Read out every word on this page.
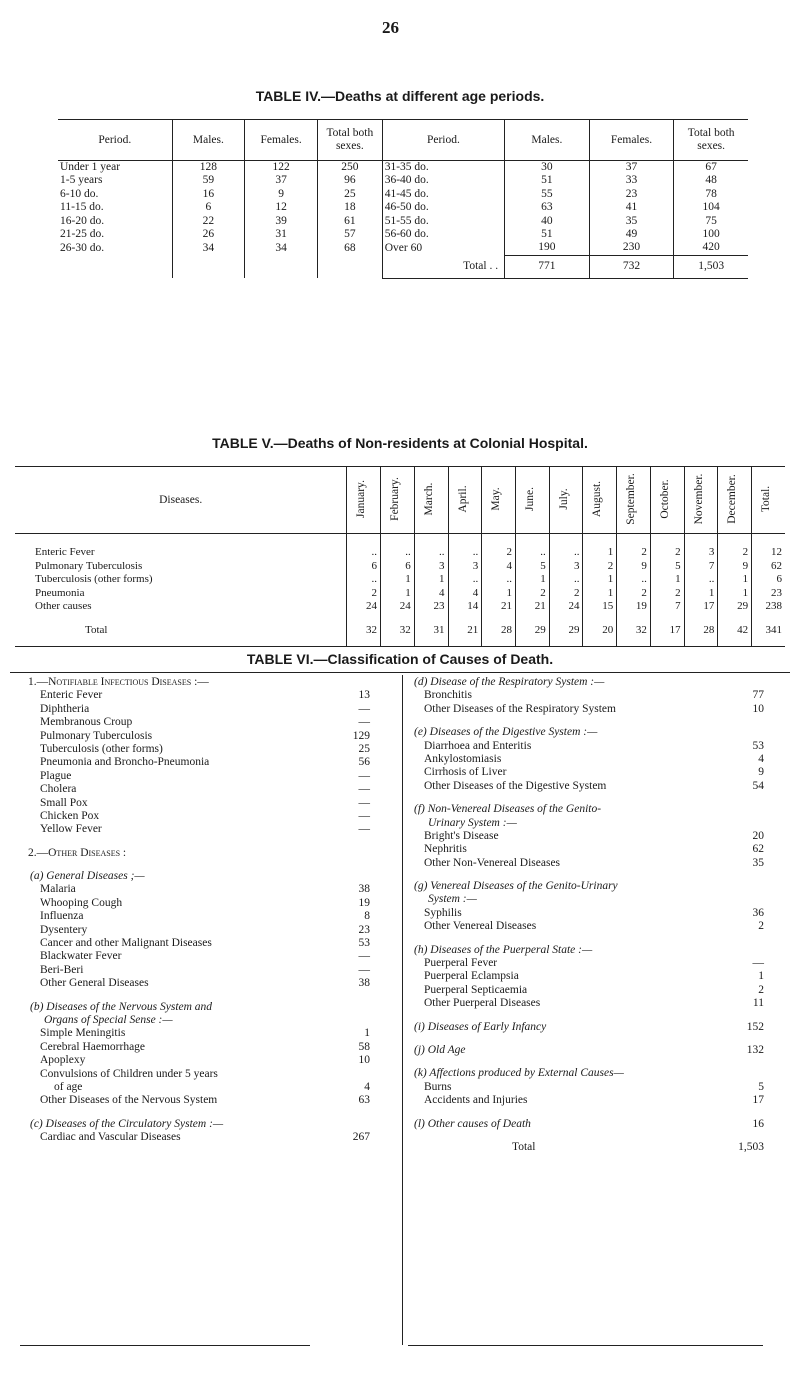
26
TABLE IV.—Deaths at different age periods.
Period.	Males.	Females.	Total both sexes.	Period.	Males.	Females.	Total both sexes.
Under 1 year	128	122	250	31-35 do.	30	37	67
1-5 years	59	37	96	36-40 do.	51	33	48
6-10 do.	16	9	25	41-45 do.	55	23	78
11-15 do.	6	12	18	46-50 do.	63	41	104
16-20 do.	22	39	61	51-55 do.	40	35	75
21-25 do.	26	31	57	56-60 do.	51	49	100
26-30 do.	34	34	68	Over 60	190	230	420
				Total . .	771	732	1,503
TABLE V.—Deaths of Non-residents at Colonial Hospital.
Diseases.	January.	February.	March.	April.	May.	June.	July.	August.	September.	October.	November.	December.	Total.

Enteric Fever	..	..	..	..	2	..	..	1	2	2	3	2	12
Pulmonary Tuberculosis	6	6	3	3	4	5	3	2	9	5	7	9	62
Tuberculosis (other forms)	..	1	1	..	..	1	..	1	..	1	..	1	6
Pneumonia	2	1	4	4	1	2	2	1	2	2	1	1	23
Other causes	24	24	23	14	21	21	24	15	19	7	17	29	238

Total	32	32	31	21	28	29	29	20	32	17	28	42	341

TABLE VI.—Classification of Causes of Death.
1.—Notifiable Infectious Diseases :—
Enteric Fever	13
Diphtheria	—
Membranous Croup	—
Pulmonary Tuberculosis	129
Tuberculosis (other forms)	25
Pneumonia and Broncho-Pneumonia	56
Plague	—
Cholera	—
Small Pox	—
Chicken Pox	—
Yellow Fever	—
2.—Other Diseases :
(a) General Diseases ;—
Malaria	38
Whooping Cough	19
Influenza	8
Dysentery	23
Cancer and other Malignant Diseases	53
Blackwater Fever	—
Beri-Beri	—
Other General Diseases	38
(b) Diseases of the Nervous System and
Organs of Special Sense :—
Simple Meningitis	1
Cerebral Haemorrhage	58
Apoplexy	10
Convulsions of Children under 5 years
of age	4
Other Diseases of the Nervous System	63
(c) Diseases of the Circulatory System :—
Cardiac and Vascular Diseases	267
(d) Disease of the Respiratory System :—
Bronchitis	77
Other Diseases of the Respiratory System	10
(e) Diseases of the Digestive System :—
Diarrhoea and Enteritis	53
Ankylostomiasis	4
Cirrhosis of Liver	9
Other Diseases of the Digestive System	54
(f) Non-Venereal Diseases of the Genito-
Urinary System :—
Bright's Disease	20
Nephritis	62
Other Non-Venereal Diseases	35
(g) Venereal Diseases of the Genito-Urinary
System :—
Syphilis	36
Other Venereal Diseases	2
(h) Diseases of the Puerperal State :—
Puerperal Fever	—
Puerperal Eclampsia	1
Puerperal Septicaemia	2
Other Puerperal Diseases	11
(i) Diseases of Early Infancy	152
(j) Old Age	132
(k) Affections produced by External Causes—
Burns	5
Accidents and Injuries	17
(l) Other causes of Death	16
Total	1,503
